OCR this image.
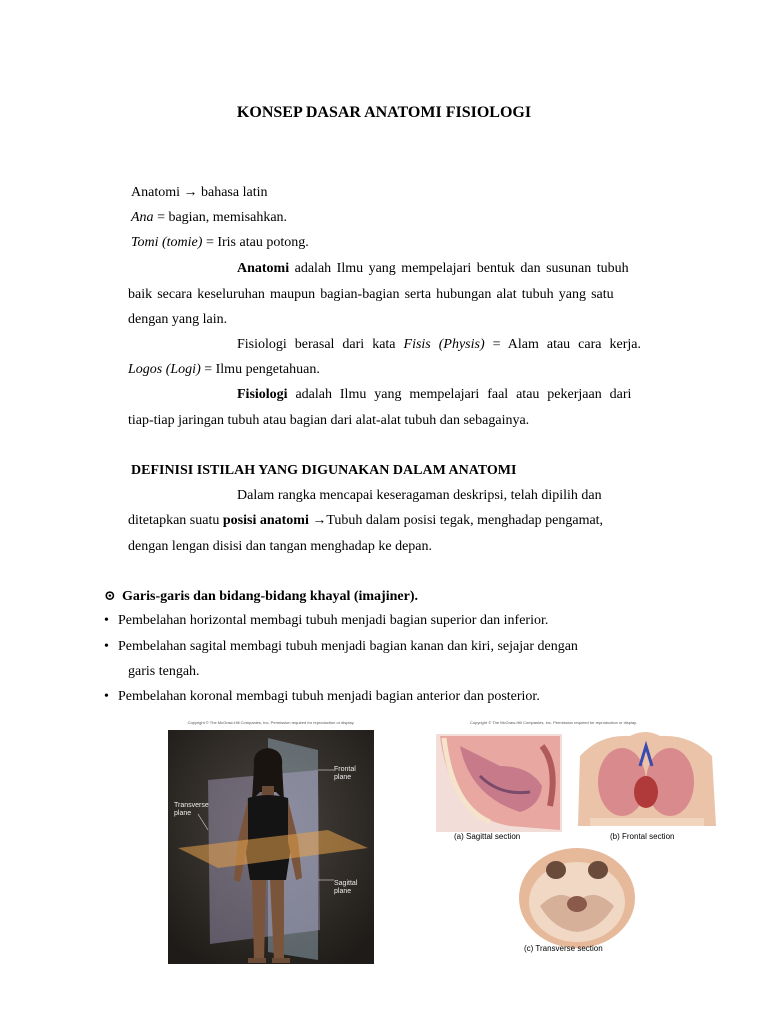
KONSEP DASAR ANATOMI FISIOLOGI
Anatomi → bahasa latin
Ana = bagian, memisahkan.
Tomi (tomie) = Iris atau potong.
Anatomi adalah Ilmu yang mempelajari bentuk dan susunan tubuh
baik secara keseluruhan maupun bagian-bagian serta hubungan alat tubuh yang satu
dengan yang lain.
Fisiologi berasal dari kata Fisis (Physis) = Alam atau cara kerja.
Logos (Logi) = Ilmu pengetahuan.
Fisiologi adalah Ilmu yang mempelajari faal atau pekerjaan dari
tiap-tiap jaringan tubuh atau bagian dari alat-alat tubuh dan sebagainya.
DEFINISI ISTILAH YANG DIGUNAKAN DALAM ANATOMI
Dalam rangka mencapai keseragaman deskripsi, telah dipilih dan
ditetapkan suatu posisi anatomi →Tubuh dalam posisi tegak, menghadap pengamat,
dengan lengan disisi dan tangan menghadap ke depan.
⊙ Garis-garis dan bidang-bidang khayal (imajiner).
• Pembelahan horizontal membagi tubuh menjadi bagian superior dan inferior.
• Pembelahan sagital membagi tubuh menjadi bagian kanan dan kiri, sejajar dengan
garis tengah.
• Pembelahan koronal membagi tubuh menjadi bagian anterior dan posterior.
Copyright © The McGraw-Hill Companies, Inc. Permission required for reproduction or display.
Frontal
plane
Transverse
plane
Sagittal
plane
Copyright © The McGraw-Hill Companies, Inc. Permission required for reproduction or display.
(a) Sagittal section	(b) Frontal section
(c) Transverse section
